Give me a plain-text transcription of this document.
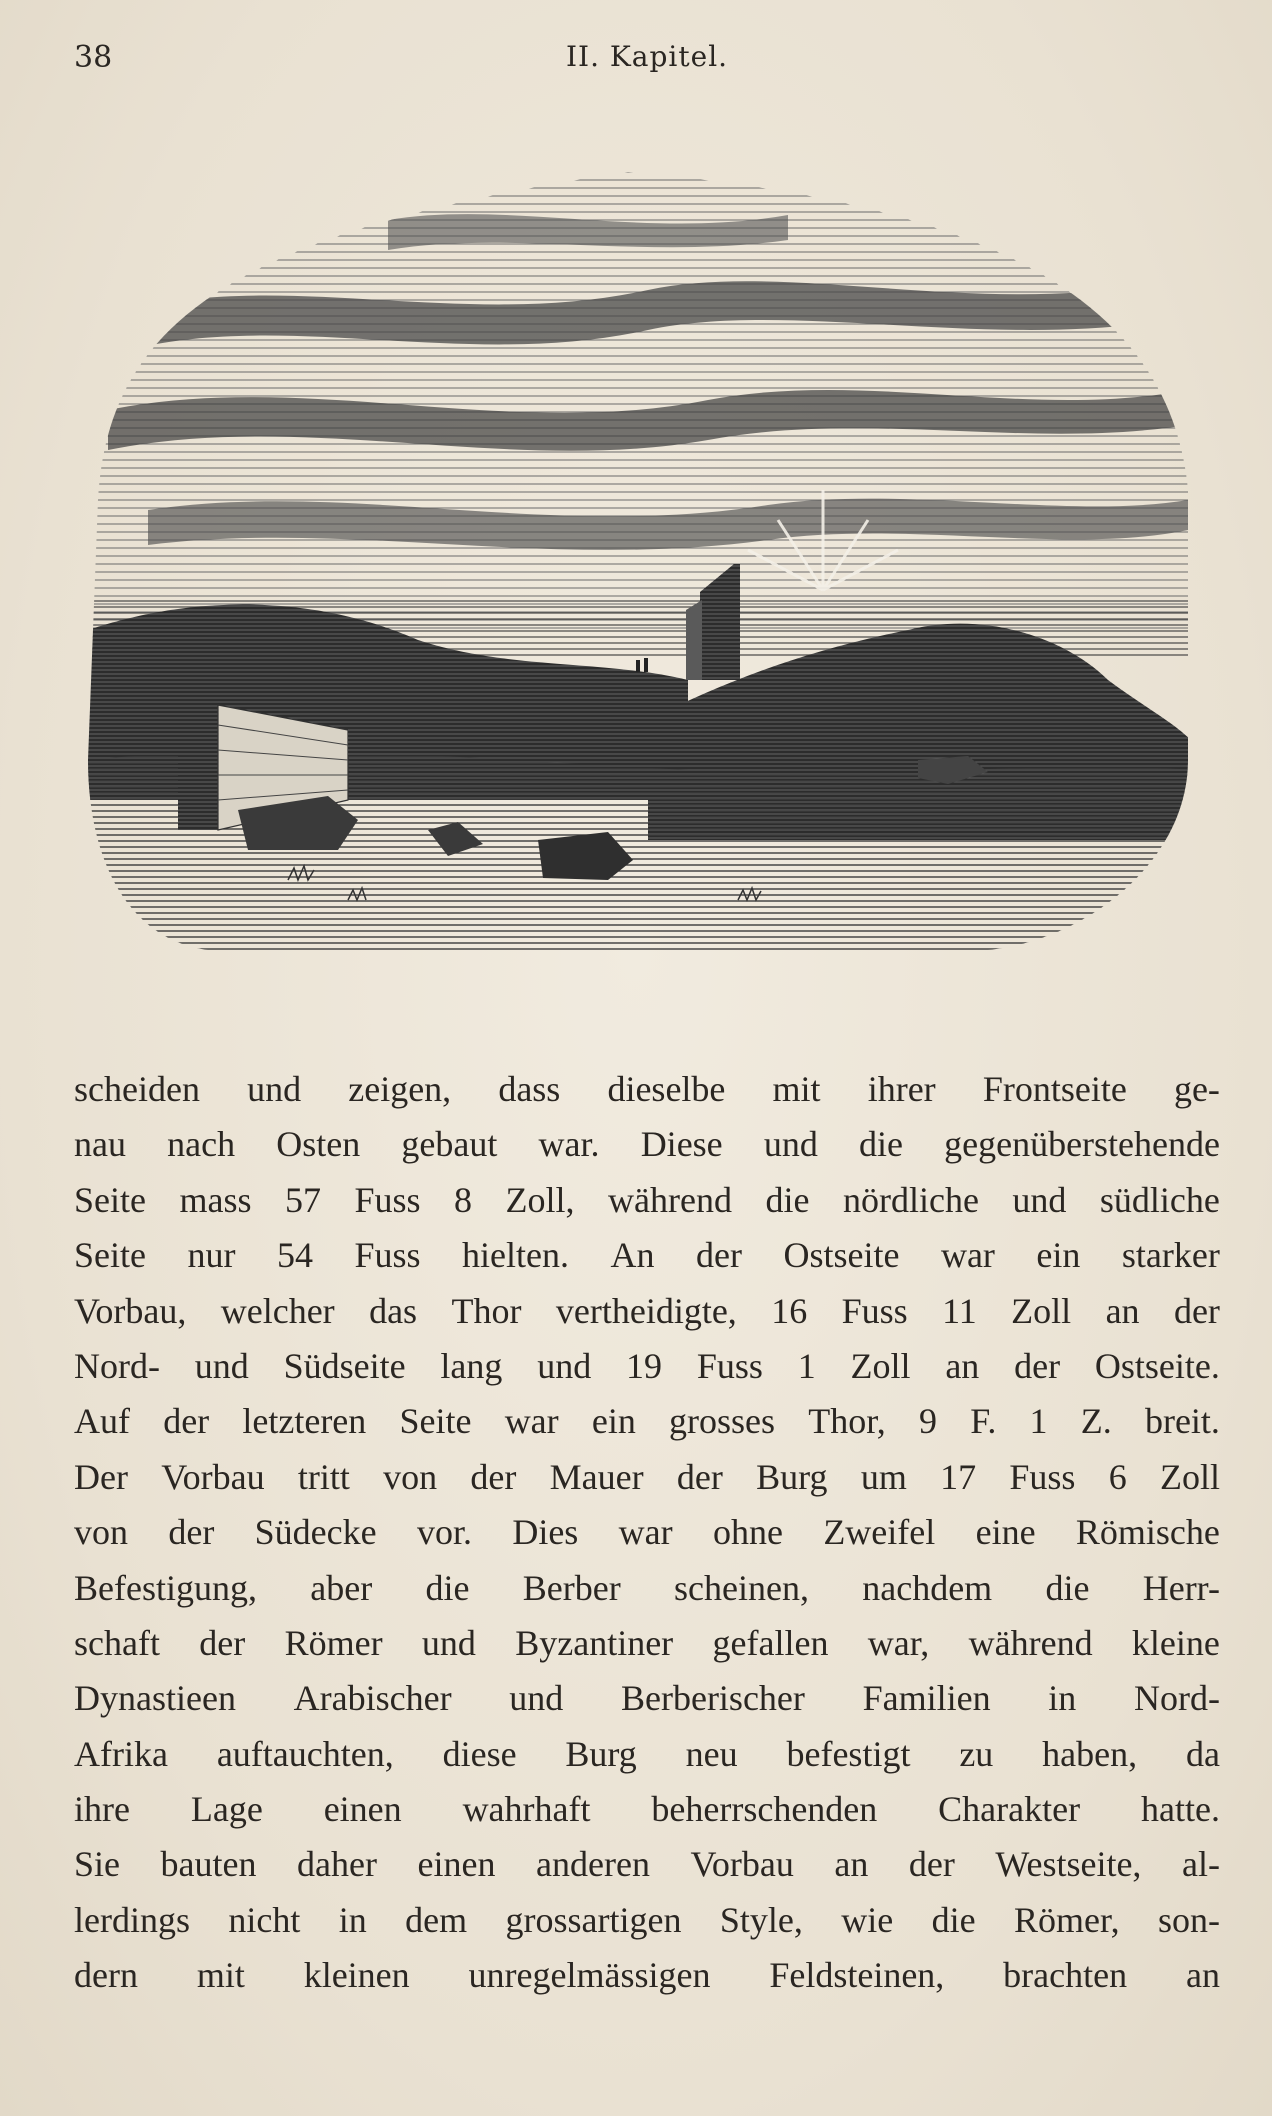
38	II. Kapitel.
scheiden und zeigen, dass dieselbe mit ihrer Frontseite ge-
nau nach Osten gebaut war. Diese und die gegenüberstehende
Seite mass 57 Fuss 8 Zoll, während die nördliche und südliche
Seite nur 54 Fuss hielten. An der Ostseite war ein starker
Vorbau, welcher das Thor vertheidigte, 16 Fuss 11 Zoll an der
Nord- und Südseite lang und 19 Fuss 1 Zoll an der Ostseite.
Auf der letzteren Seite war ein grosses Thor, 9 F. 1 Z. breit.
Der Vorbau tritt von der Mauer der Burg um 17 Fuss 6 Zoll
von der Südecke vor. Dies war ohne Zweifel eine Römische
Befestigung, aber die Berber scheinen, nachdem die Herr-
schaft der Römer und Byzantiner gefallen war, während kleine
Dynastieen Arabischer und Berberischer Familien in Nord-
Afrika auftauchten, diese Burg neu befestigt zu haben, da
ihre Lage einen wahrhaft beherrschenden Charakter hatte.
Sie bauten daher einen anderen Vorbau an der Westseite, al-
lerdings nicht in dem grossartigen Style, wie die Römer, son-
dern mit kleinen unregelmässigen Feldsteinen, brachten an
